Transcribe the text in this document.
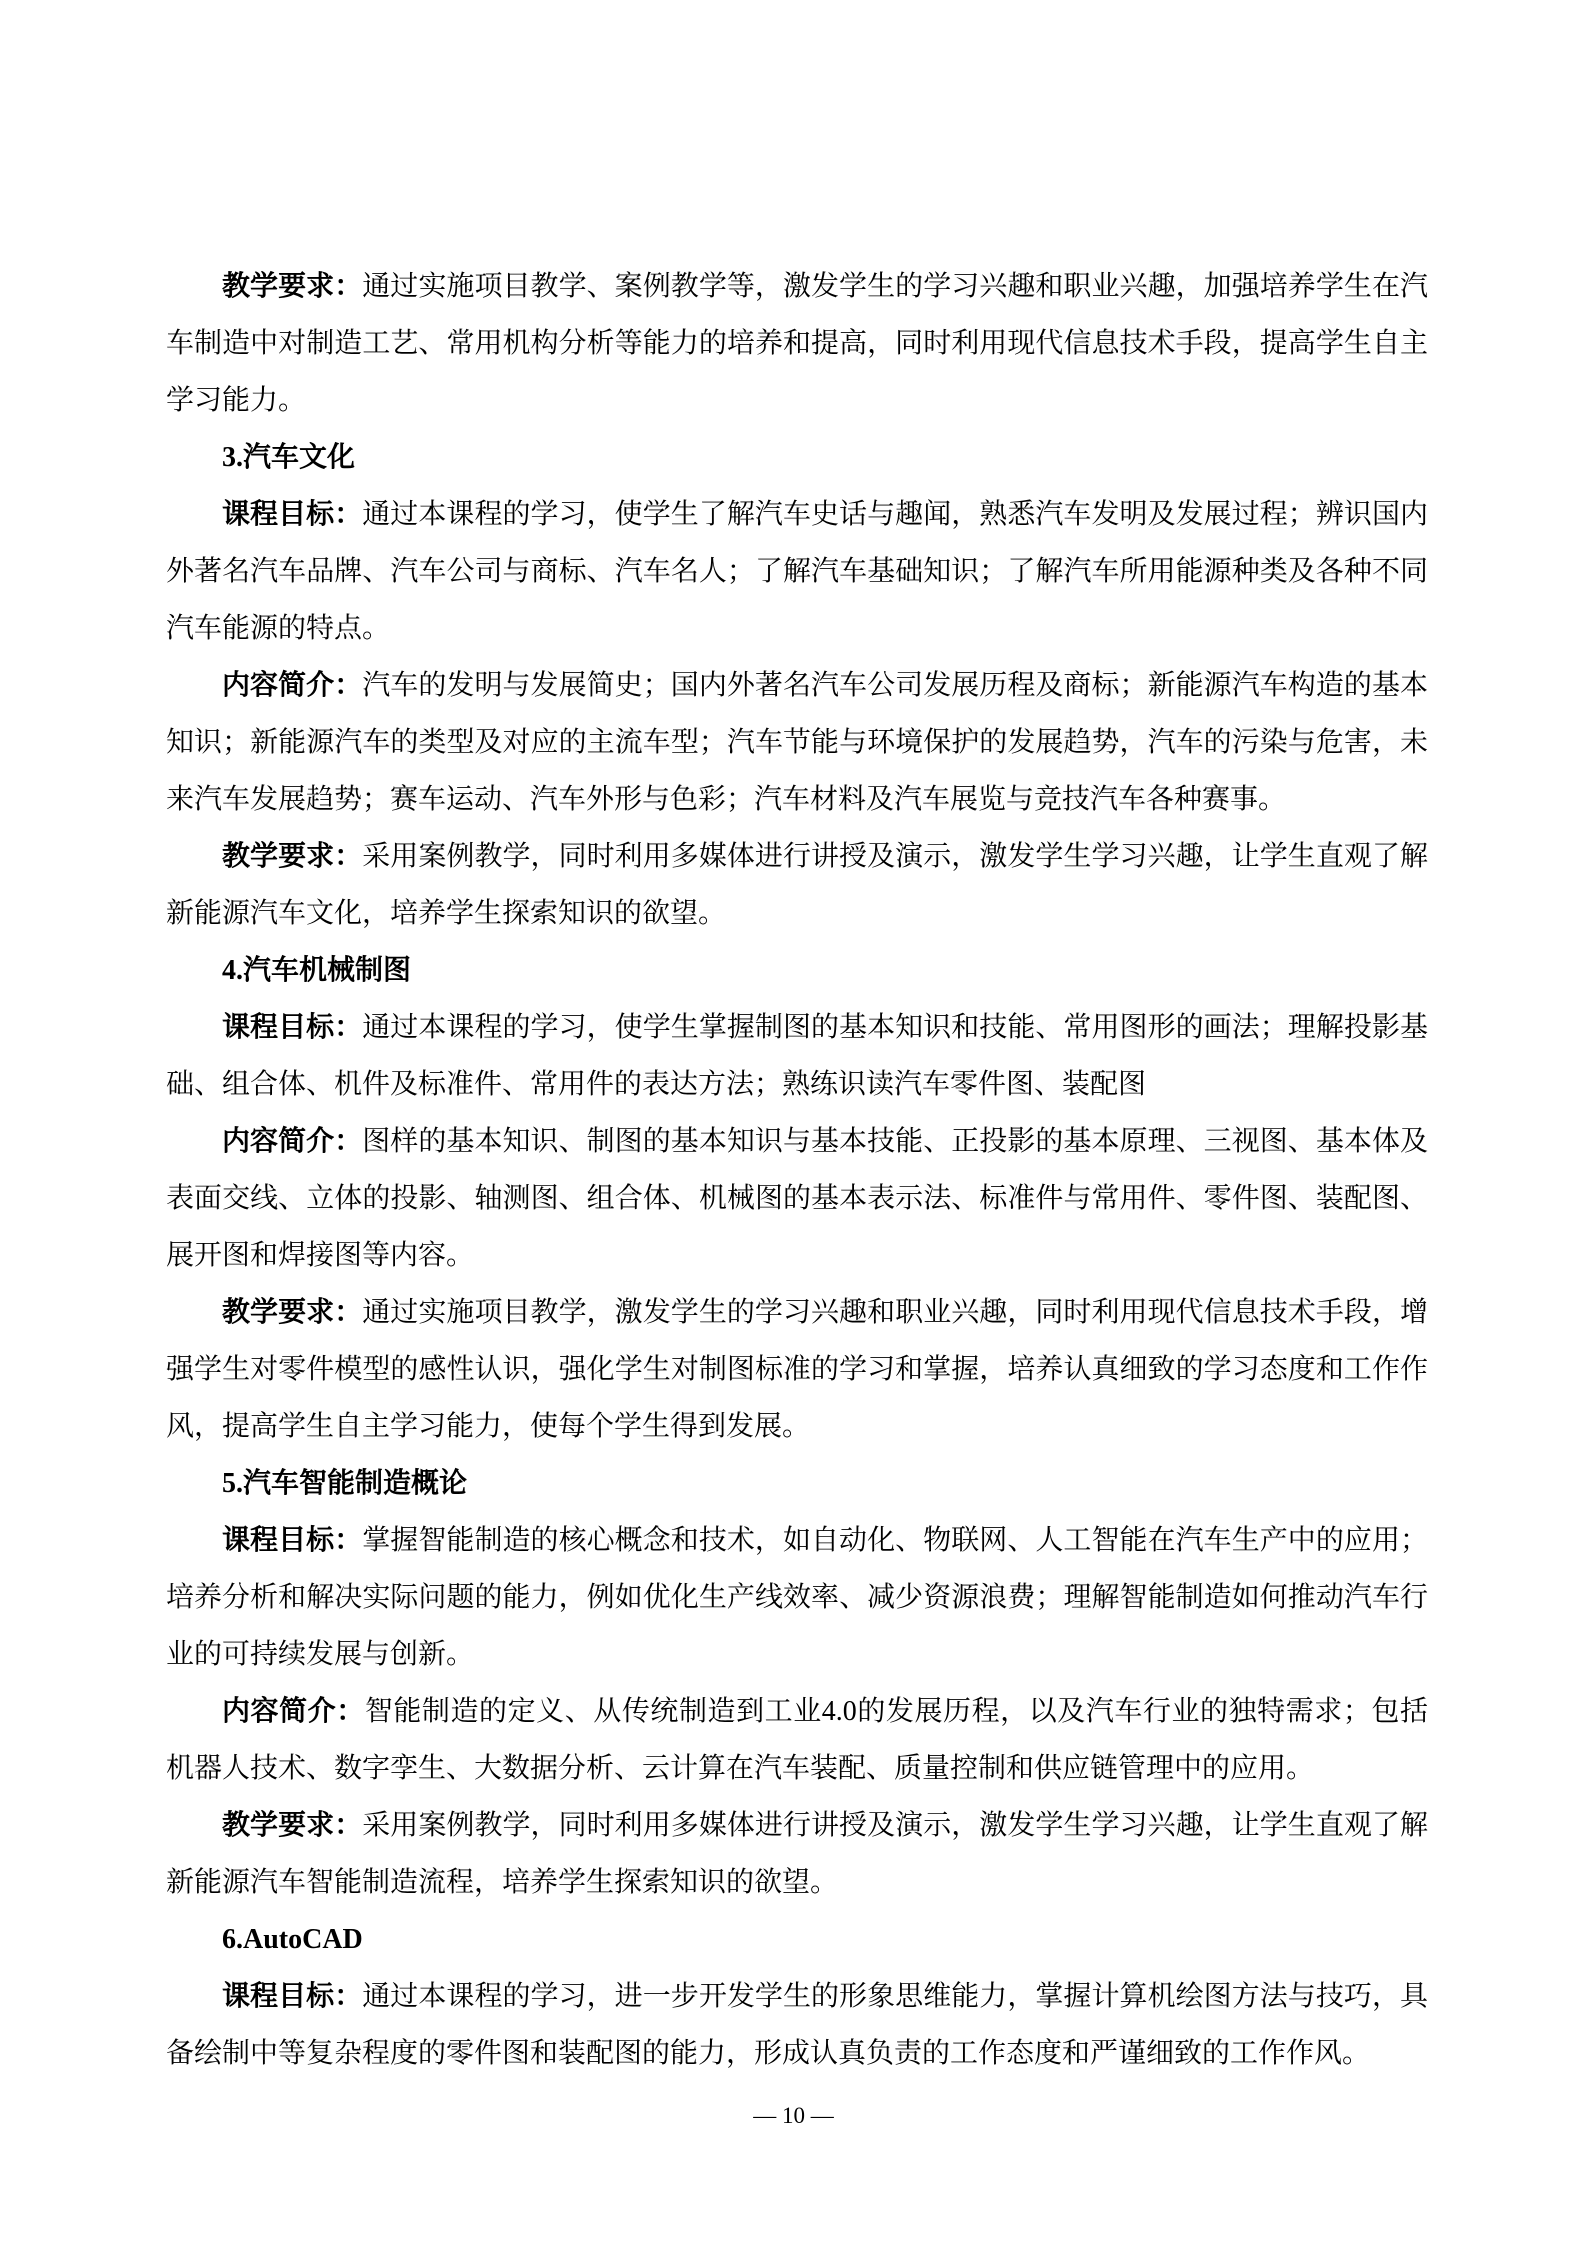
教学要求：通过实施项目教学、案例教学等，激发学生的学习兴趣和职业兴趣，加强培养学生在汽车制造中对制造工艺、常用机构分析等能力的培养和提高，同时利用现代信息技术手段，提高学生自主学习能力。

3.汽车文化

课程目标：通过本课程的学习，使学生了解汽车史话与趣闻，熟悉汽车发明及发展过程；辨识国内外著名汽车品牌、汽车公司与商标、汽车名人；了解汽车基础知识；了解汽车所用能源种类及各种不同汽车能源的特点。

内容简介：汽车的发明与发展简史；国内外著名汽车公司发展历程及商标；新能源汽车构造的基本知识；新能源汽车的类型及对应的主流车型；汽车节能与环境保护的发展趋势，汽车的污染与危害，未来汽车发展趋势；赛车运动、汽车外形与色彩；汽车材料及汽车展览与竞技汽车各种赛事。

教学要求：采用案例教学，同时利用多媒体进行讲授及演示，激发学生学习兴趣，让学生直观了解新能源汽车文化，培养学生探索知识的欲望。

4.汽车机械制图

课程目标：通过本课程的学习，使学生掌握制图的基本知识和技能、常用图形的画法；理解投影基础、组合体、机件及标准件、常用件的表达方法；熟练识读汽车零件图、装配图

内容简介：图样的基本知识、制图的基本知识与基本技能、正投影的基本原理、三视图、基本体及表面交线、立体的投影、轴测图、组合体、机械图的基本表示法、标准件与常用件、零件图、装配图、展开图和焊接图等内容。

教学要求：通过实施项目教学，激发学生的学习兴趣和职业兴趣，同时利用现代信息技术手段，增强学生对零件模型的感性认识，强化学生对制图标准的学习和掌握，培养认真细致的学习态度和工作作风，提高学生自主学习能力，使每个学生得到发展。

5.汽车智能制造概论

课程目标：掌握智能制造的核心概念和技术，如自动化、物联网、人工智能在汽车生产中的应用；培养分析和解决实际问题的能力，例如优化生产线效率、减少资源浪费；理解智能制造如何推动汽车行业的可持续发展与创新。

内容简介：智能制造的定义、从传统制造到工业4.0的发展历程，以及汽车行业的独特需求；包括机器人技术、数字孪生、大数据分析、云计算在汽车装配、质量控制和供应链管理中的应用。

教学要求：采用案例教学，同时利用多媒体进行讲授及演示，激发学生学习兴趣，让学生直观了解新能源汽车智能制造流程，培养学生探索知识的欲望。

6.AutoCAD

课程目标：通过本课程的学习，进一步开发学生的形象思维能力，掌握计算机绘图方法与技巧，具备绘制中等复杂程度的零件图和装配图的能力，形成认真负责的工作态度和严谨细致的工作作风。

— 10 —
